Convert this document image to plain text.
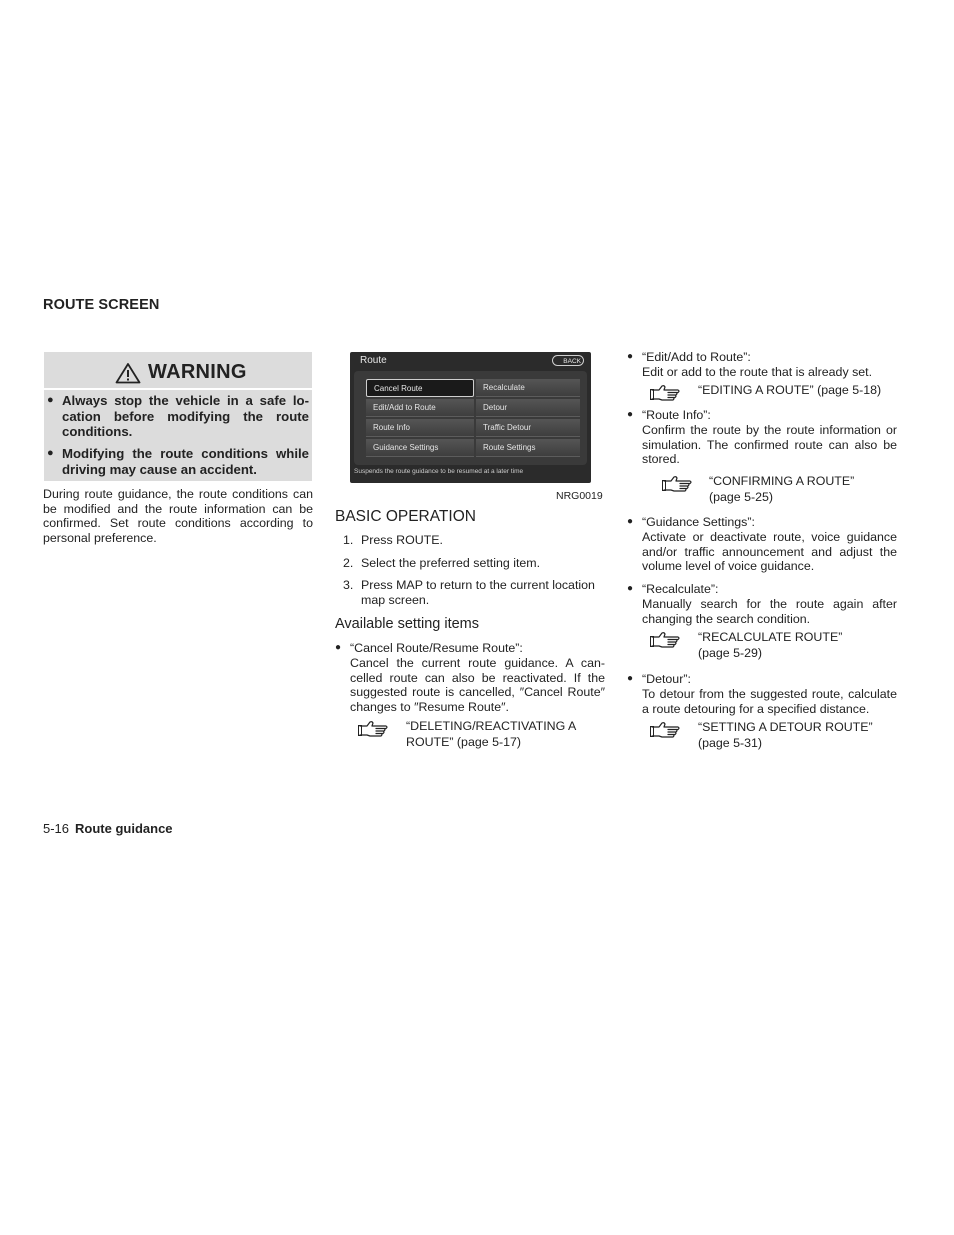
ROUTE SCREEN
WARNING
● Always stop the vehicle in a safe lo-cation before modifying the route conditions.
● Modifying the route conditions while driving may cause an accident.
During route guidance, the route conditions can be modified and the route information can be confirmed. Set route conditions according to personal preference.
Route	BACK
Cancel Route
Edit/Add to Route
Route Info
Guidance Settings
Recalculate
Detour
Traffic Detour
Route Settings
Suspends the route guidance to be resumed at a later time
NRG0019
BASIC OPERATION
1. Press ROUTE.
2. Select the preferred setting item.
3. Press MAP to return to the current location map screen.
Available setting items
● “Cancel Route/Resume Route”:
Cancel the current route guidance. A can-celled route can also be reactivated. If the suggested route is cancelled, ″Cancel Route″ changes to ″Resume Route″.
“DELETING/REACTIVATING A ROUTE” (page 5-17)
● “Edit/Add to Route”:
Edit or add to the route that is already set.
“EDITING A ROUTE” (page 5-18)
● “Route Info”:
Confirm the route by the route information or simulation. The confirmed route can also be stored.
“CONFIRMING A ROUTE” (page 5-25)
● “Guidance Settings”:
Activate or deactivate route, voice guidance and/or traffic announcement and adjust the volume level of voice guidance.
● “Recalculate”:
Manually search for the route again after changing the search condition.
“RECALCULATE ROUTE” (page 5-29)
● “Detour”:
To detour from the suggested route, calculate a route detouring for a specified distance.
“SETTING A DETOUR ROUTE” (page 5-31)
5-16 Route guidance
